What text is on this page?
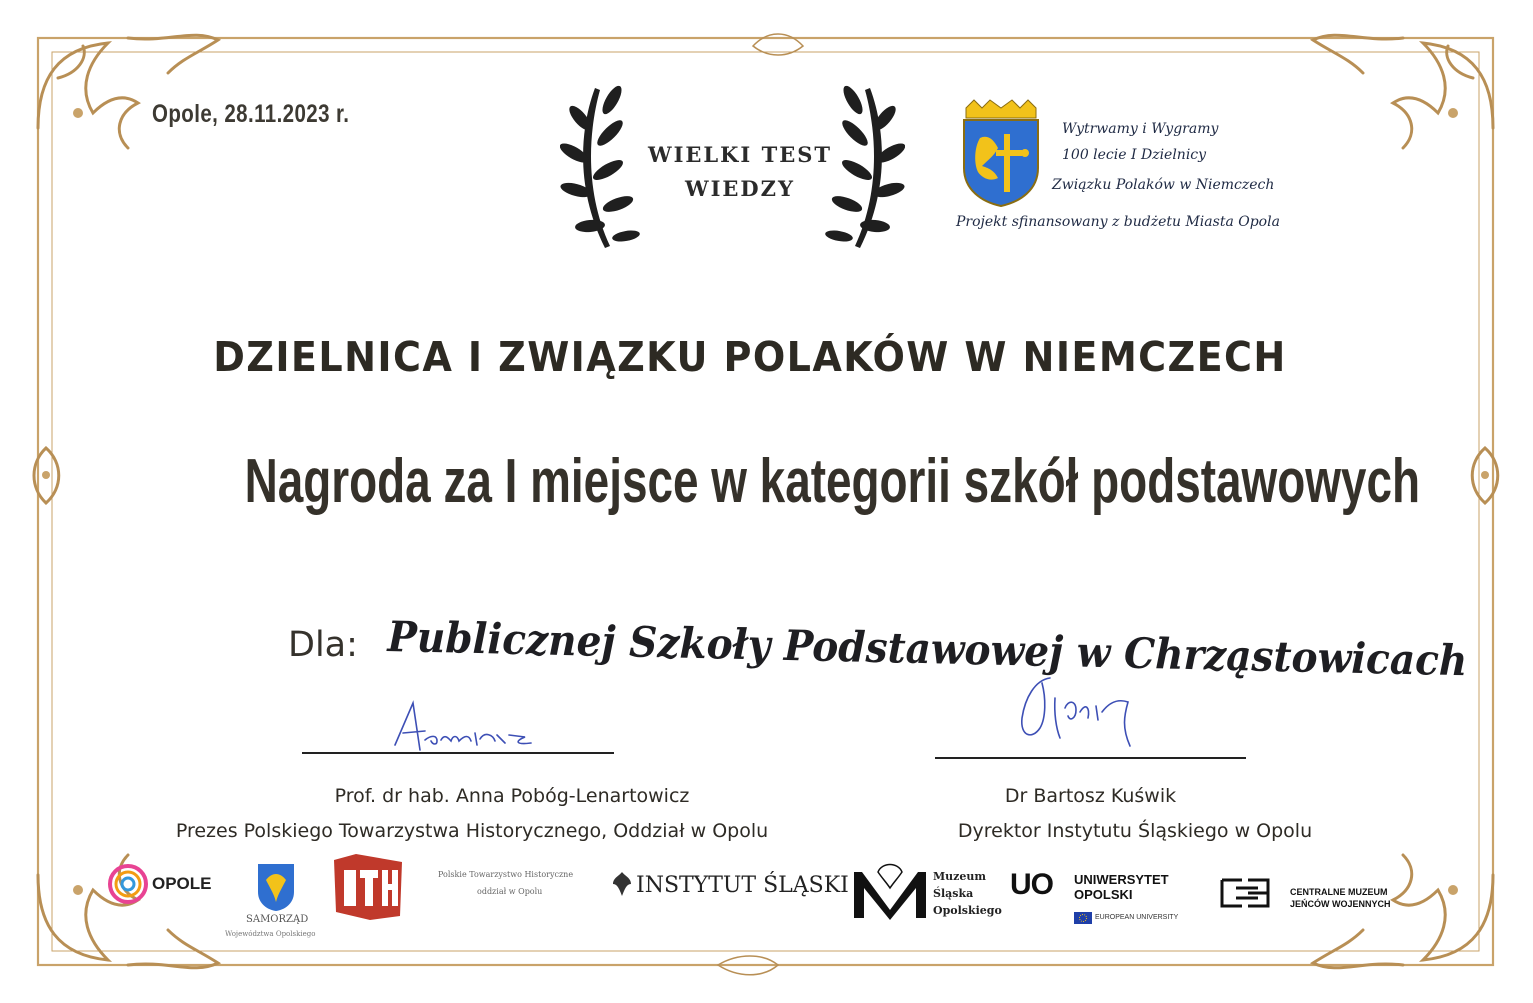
Opole, 28.11.2023 r.
WIELKI TEST
WIEDZY
Wytrwamy i Wygramy
100 lecie I Dzielnicy
Związku Polaków w Niemczech
Projekt sfinansowany z budżetu Miasta Opola
DZIELNICA I ZWIĄZKU POLAKÓW W NIEMCZECH
Nagroda za I miejsce w kategorii szkół podstawowych
Dla: Publicznej Szkoły Podstawowej w Chrząstowicach
Prof. dr hab. Anna Pobóg-Lenartowicz
Prezes Polskiego Towarzystwa Historycznego, Oddział w Opolu
Dr Bartosz Kuświk
Dyrektor Instytutu Śląskiego w Opolu
OPOLE
SAMORZĄD
Województwa Opolskiego
Polskie Towarzystwo Historyczne
oddział w Opolu	INSTYTUT ŚLĄSKI	Muzeum
Śląska
Opolskiego
UO UNIWERSYTET
OPOLSKI
EUROPEAN UNIVERSITY
CENTRALNE MUZEUM
JEŃCÓW WOJENNYCH
